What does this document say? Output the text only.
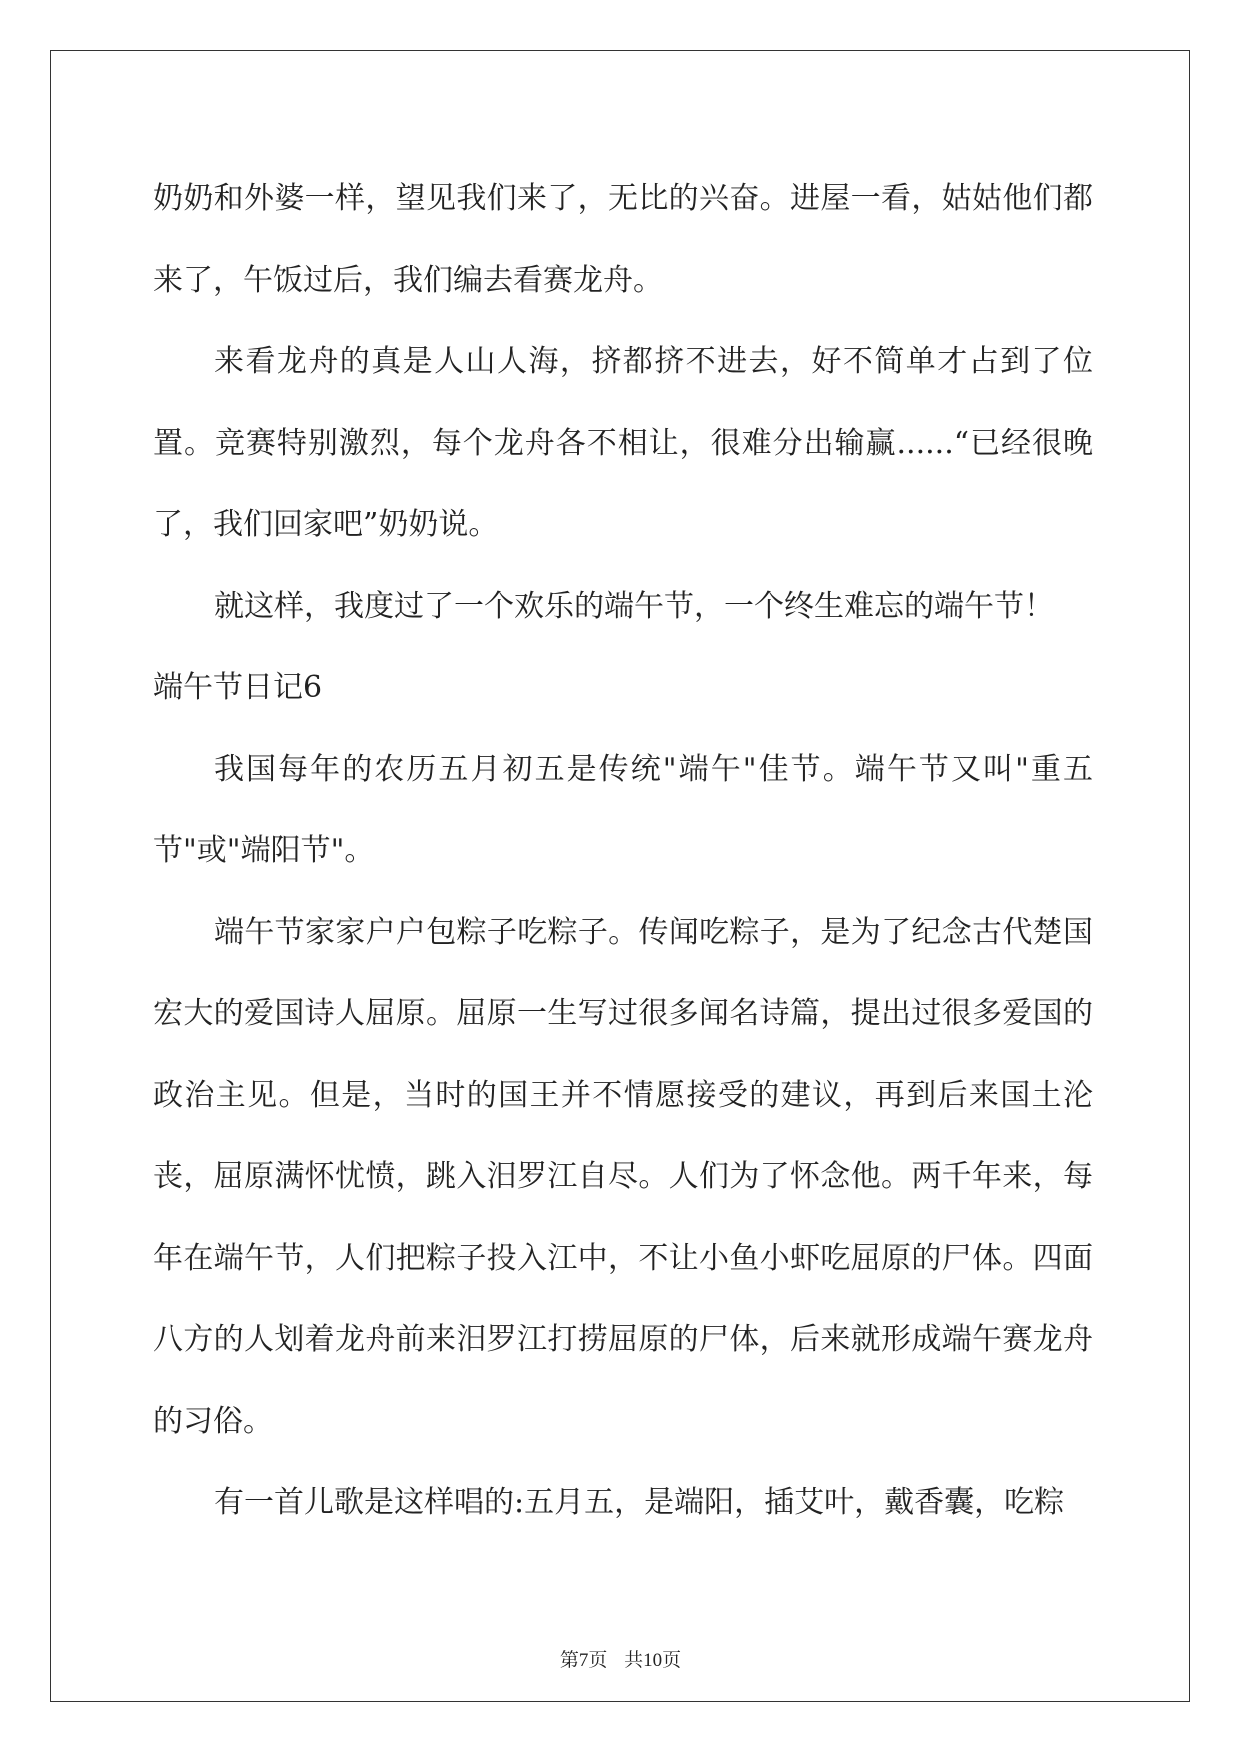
奶奶和外婆一样，望见我们来了，无比的兴奋。进屋一看，姑姑他们都来了，午饭过后，我们编去看赛龙舟。

来看龙舟的真是人山人海，挤都挤不进去，好不简单才占到了位置。竞赛特别激烈，每个龙舟各不相让，很难分出输赢......“已经很晚了，我们回家吧”奶奶说。

就这样，我度过了一个欢乐的端午节，一个终生难忘的端午节！

端午节日记6

我国每年的农历五月初五是传统"端午"佳节。端午节又叫"重五节"或"端阳节"。

端午节家家户户包粽子吃粽子。传闻吃粽子，是为了纪念古代楚国宏大的爱国诗人屈原。屈原一生写过很多闻名诗篇，提出过很多爱国的政治主见。但是，当时的国王并不情愿接受的建议，再到后来国土沦丧，屈原满怀忧愤，跳入汨罗江自尽。人们为了怀念他。两千年来，每年在端午节，人们把粽子投入江中，不让小鱼小虾吃屈原的尸体。四面八方的人划着龙舟前来汨罗江打捞屈原的尸体，后来就形成端午赛龙舟的习俗。

有一首儿歌是这样唱的:五月五，是端阳，插艾叶，戴香囊，吃粽

第7页 共10页
